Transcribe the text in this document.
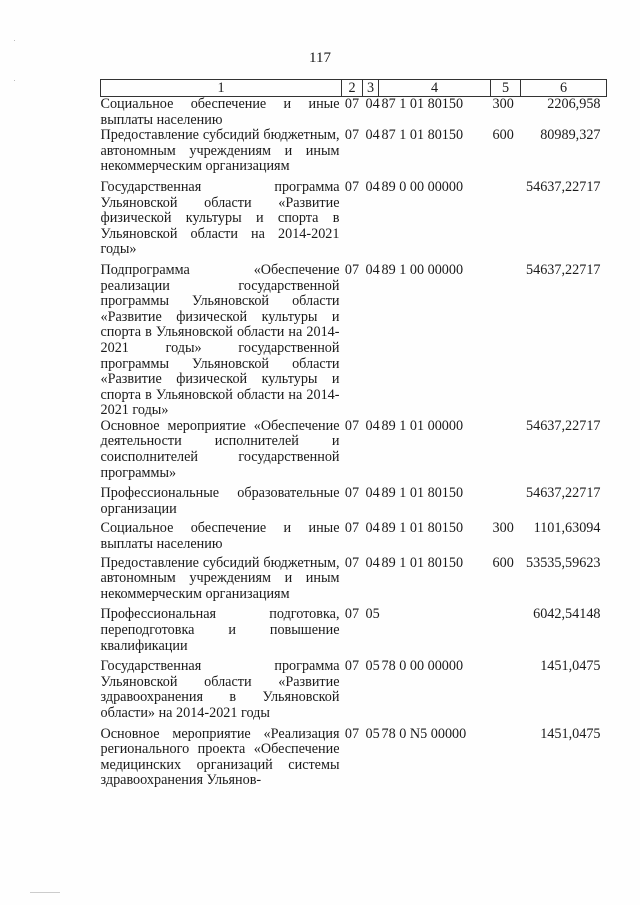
117
1	2	3	4	5	6
Социальное обеспечение и иные выплаты населению	07	04	87 1 01 80150	300	2206,958
Предоставление субсидий бюджетным, автономным учреждениям и иным некоммерческим организациям	07	04	87 1 01 80150	600	80989,327
Государственная программа Ульяновской области «Развитие физической культуры и спорта в Ульяновской области на 2014-2021 годы»	07	04	89 0 00 00000		54637,22717
Подпрограмма «Обеспечение реализации государственной программы Ульяновской области «Развитие физической культуры и спорта в Ульяновской области на 2014-2021 годы» государственной программы Ульяновской области «Развитие физической культуры и спорта в Ульяновской области на 2014-2021 годы»	07	04	89 1 00 00000		54637,22717
Основное мероприятие «Обеспечение деятельности исполнителей и соисполнителей государственной программы»	07	04	89 1 01 00000		54637,22717
Профессиональные образовательные организации	07	04	89 1 01 80150		54637,22717
Социальное обеспечение и иные выплаты населению	07	04	89 1 01 80150	300	1101,63094
Предоставление субсидий бюджетным, автономным учреждениям и иным некоммерческим организациям	07	04	89 1 01 80150	600	53535,59623
Профессиональная подготовка, переподготовка и повышение квалификации	07	05			6042,54148
Государственная программа Ульяновской области «Развитие здравоохранения в Ульяновской области» на 2014-2021 годы	07	05	78 0 00 00000		1451,0475
Основное мероприятие «Реализация регионального проекта «Обеспечение медицинских организаций системы здравоохранения Ульянов-	07	05	78 0 N5 00000		1451,0475
